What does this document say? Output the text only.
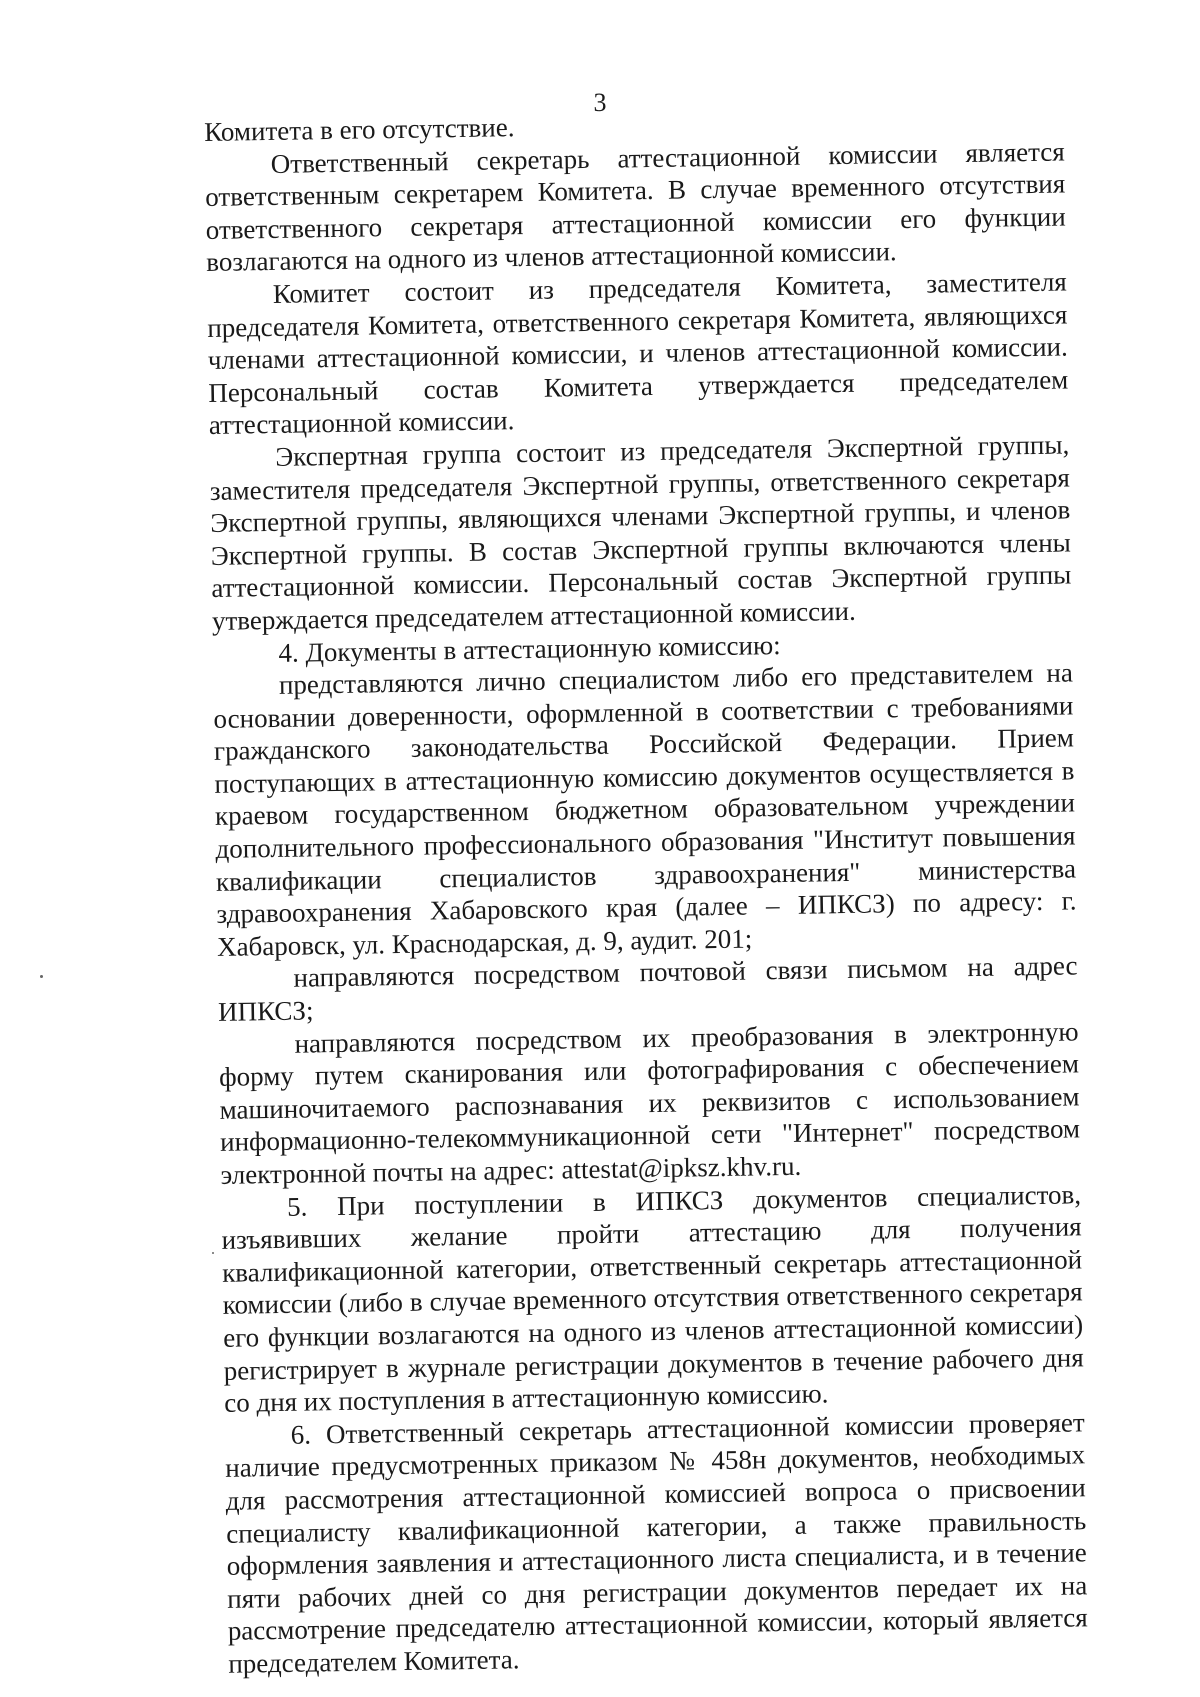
3

Комитета в его отсутствие.

Ответственный секретарь аттестационной комиссии является ответственным секретарем Комитета. В случае временного отсутствия ответственного секретаря аттестационной комиссии его функции возлагаются на одного из членов аттестационной комиссии.

Комитет состоит из председателя Комитета, заместителя председателя Комитета, ответственного секретаря Комитета, являющихся членами аттестационной комиссии, и членов аттестационной комиссии. Персональный состав Комитета утверждается председателем аттестационной комиссии.

Экспертная группа состоит из председателя Экспертной группы, заместителя председателя Экспертной группы, ответственного секретаря Экспертной группы, являющихся членами Экспертной группы, и членов Экспертной группы. В состав Экспертной группы включаются члены аттестационной комиссии. Персональный состав Экспертной группы утверждается председателем аттестационной комиссии.

4. Документы в аттестационную комиссию:

представляются лично специалистом либо его представителем на основании доверенности, оформленной в соответствии с требованиями гражданского законодательства Российской Федерации. Прием поступающих в аттестационную комиссию документов осуществляется в краевом государственном бюджетном образовательном учреждении дополнительного профессионального образования "Институт повышения квалификации специалистов здравоохранения" министерства здравоохранения Хабаровского края (далее – ИПКСЗ) по адресу: г. Хабаровск, ул. Краснодарская, д. 9, аудит. 201;

направляются посредством почтовой связи письмом на адрес ИПКСЗ;

направляются посредством их преобразования в электронную форму путем сканирования или фотографирования с обеспечением машиночитаемого распознавания их реквизитов с использованием информационно-телекоммуникационной сети "Интернет" посредством электронной почты на адрес: attestat@ipksz.khv.ru.

5. При поступлении в ИПКСЗ документов специалистов, изъявивших желание пройти аттестацию для получения квалификационной категории, ответственный секретарь аттестационной комиссии (либо в случае временного отсутствия ответственного секретаря его функции возлагаются на одного из членов аттестационной комиссии) регистрирует в журнале регистрации документов в течение рабочего дня со дня их поступления в аттестационную комиссию.

6. Ответственный секретарь аттестационной комиссии проверяет наличие предусмотренных приказом № 458н документов, необходимых для рассмотрения аттестационной комиссией вопроса о присвоении специалисту квалификационной категории, а также правильность оформления заявления и аттестационного листа специалиста, и в течение пяти рабочих дней со дня регистрации документов передает их на рассмотрение председателю аттестационной комиссии, который является председателем Комитета.
